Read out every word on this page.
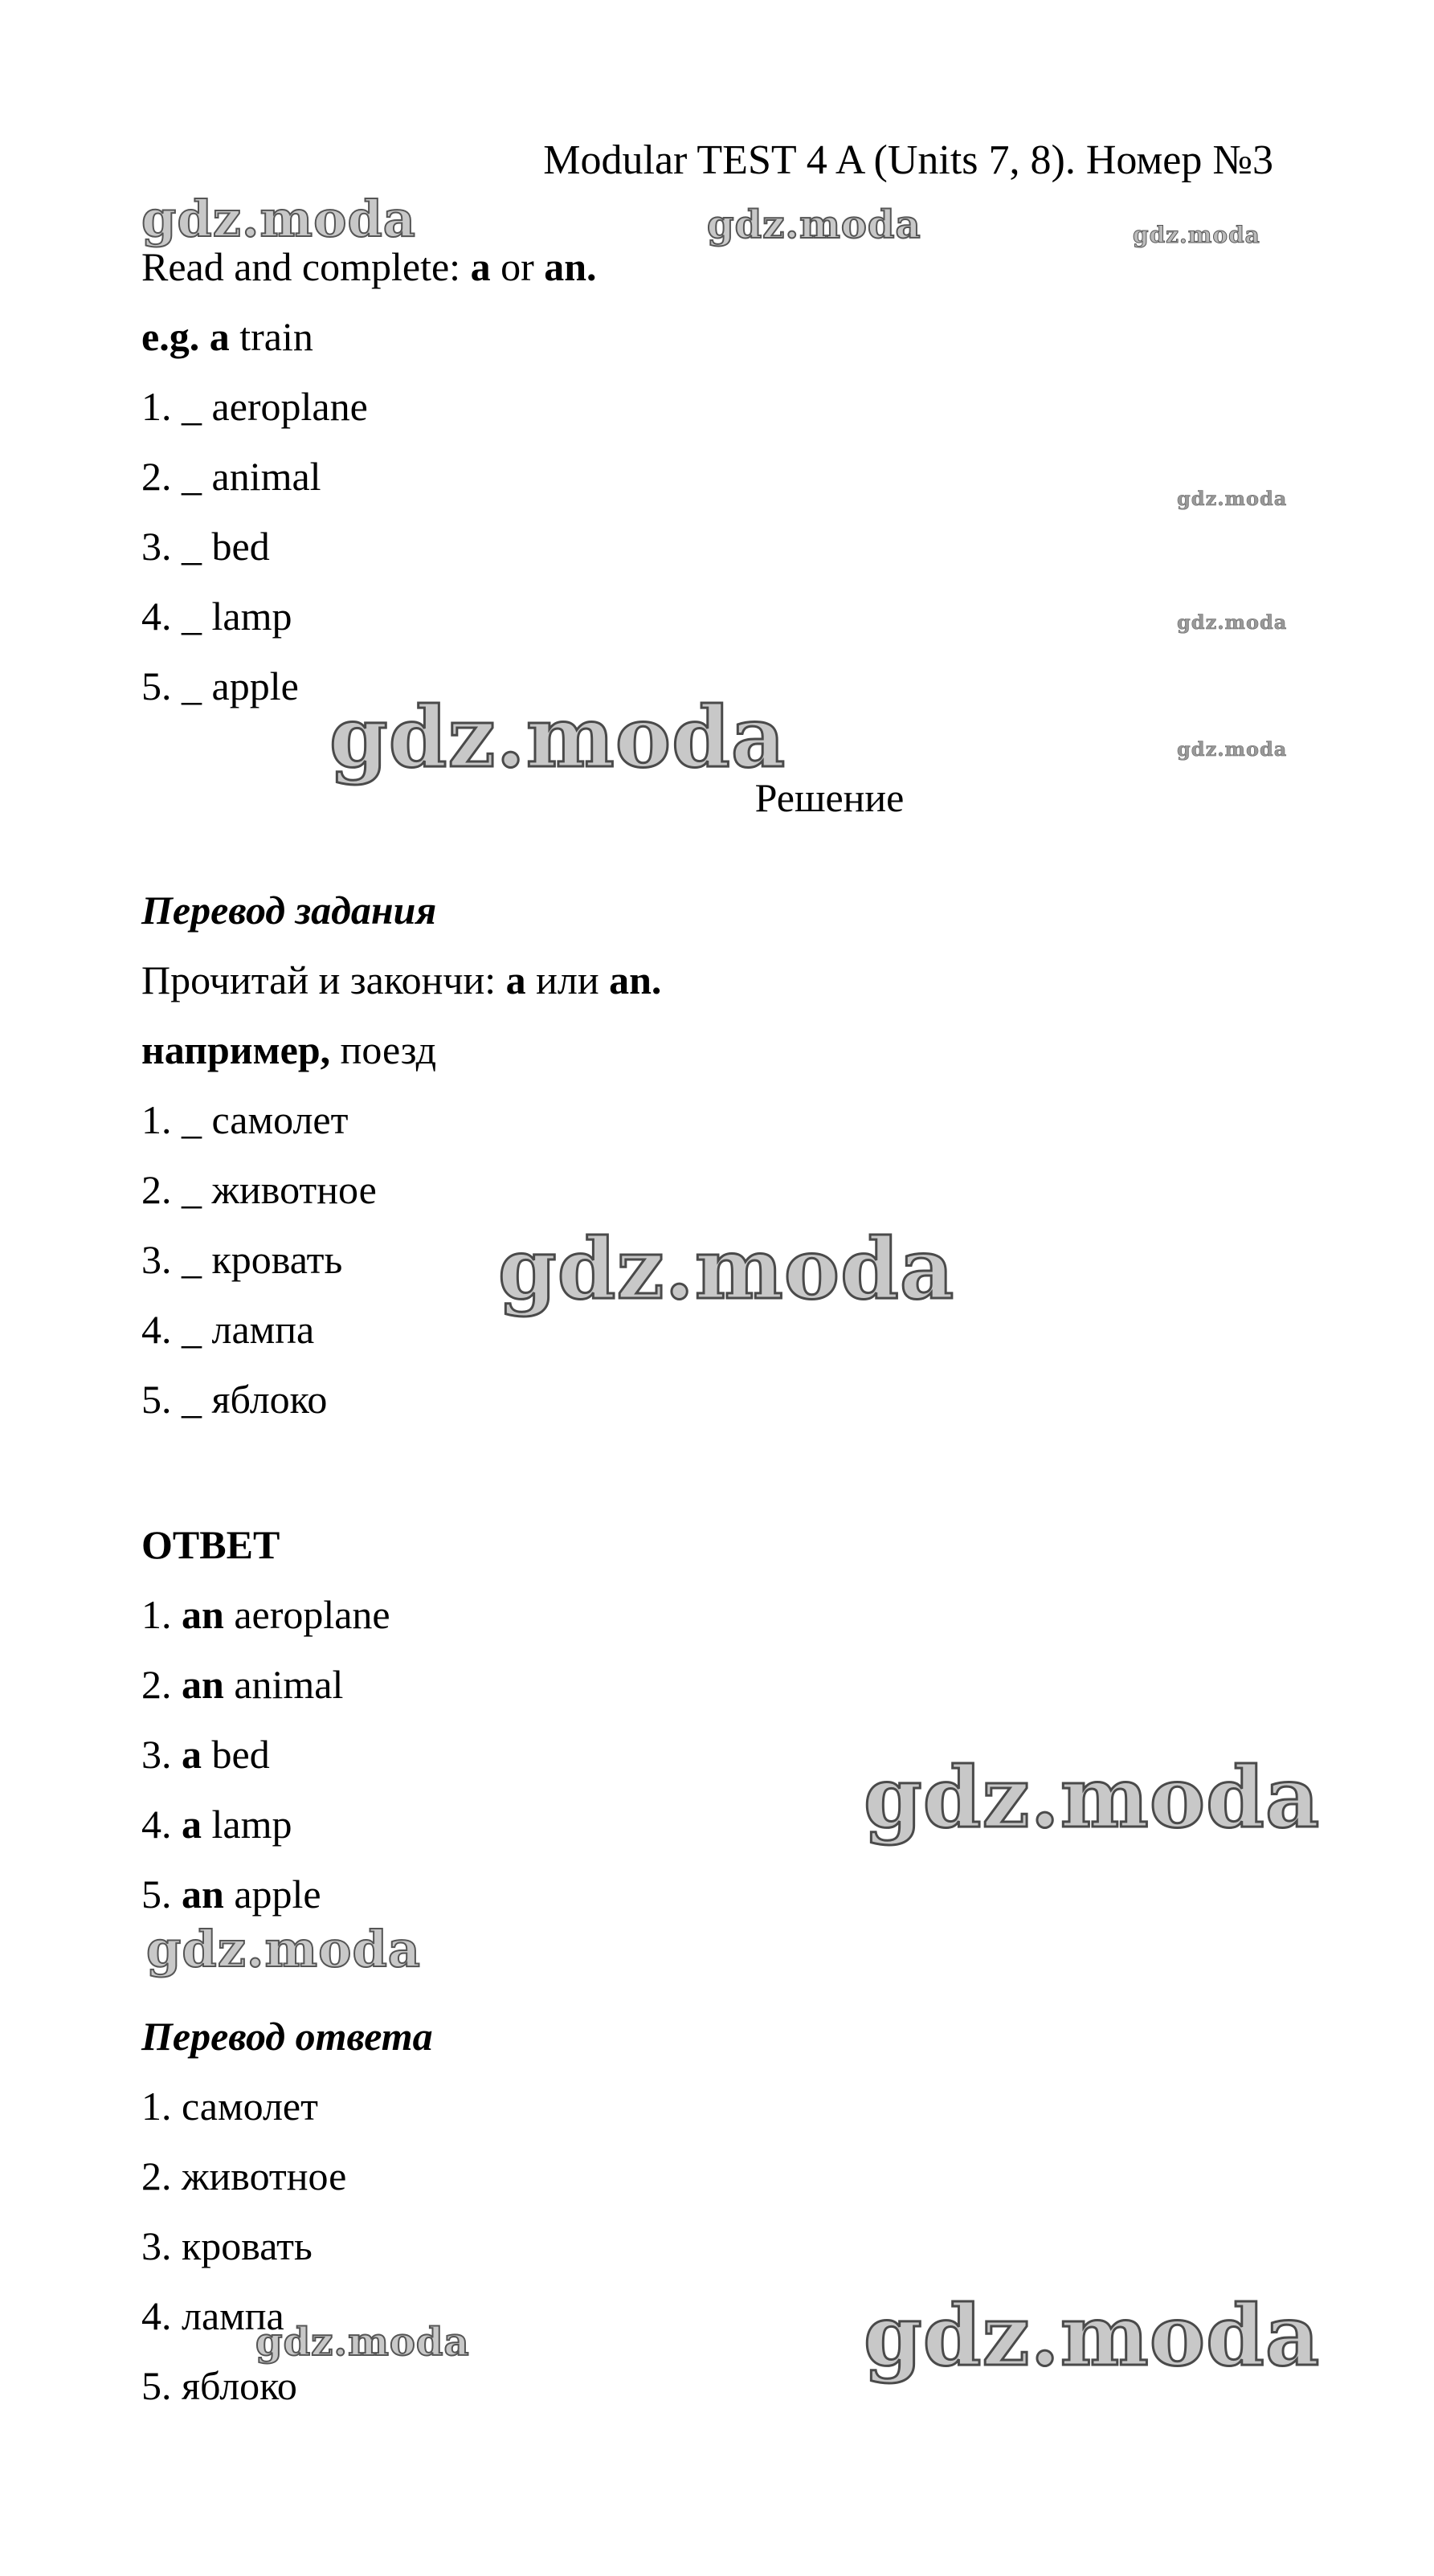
Modular TEST 4 A (Units 7, 8). Номер №3
Read and complete: a or an.
e.g. a train
1. _ aeroplane
2. _ animal
3. _ bed
4. _ lamp
5. _ apple
Решение
Перевод задания
Прочитай и закончи: a или an.
например, поезд
1. _ самолет
2. _ животное
3. _ кровать
4. _ лампа
5. _ яблоко
ОТВЕТ
1. an aeroplane
2. an animal
3. a bed
4. a lamp
5. an apple
Перевод ответа
1. самолет
2. животное
3. кровать
4. лампа
5. яблоко
gdz.moda	gdz.moda	gdz.moda
gdz.moda
gdz.moda
gdz.moda
gdz.moda
gdz.moda
gdz.moda
gdz.moda
gdz.moda
gdz.moda
